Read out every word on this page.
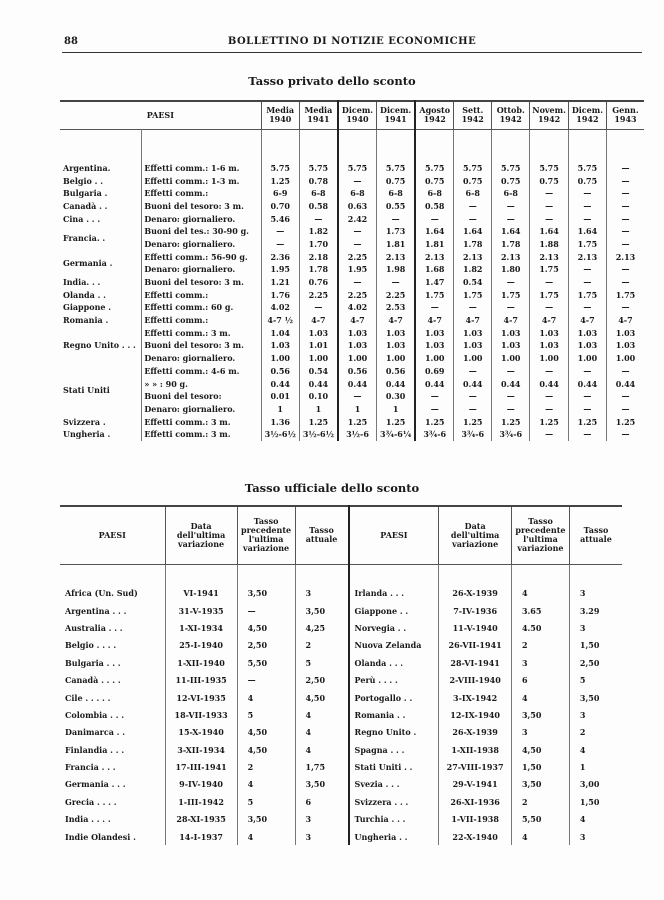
88	BOLLETTINO DI NOTIZIE ECONOMICHE
Tasso privato dello sconto
PAESI		Media 1940	Media 1941	Dicem. 1940	Dicem. 1941	Agosto 1942	Sett. 1942	Ottob. 1942	Novem. 1942	Dicem. 1942	Genn. 1943

Argentina.	Effetti comm.: 1-6 m.	5.75	5.75	5.75	5.75	5.75	5.75	5.75	5.75	5.75	—
Belgio . .	Effetti comm.: 1-3 m.	1.25	0.78	—	0.75	0.75	0.75	0.75	0.75	0.75	—
Bulgaria .	Effetti comm.:	6-9	6-8	6-8	6-8	6-8	6-8	6-8	—	—	—
Canadà . .	Buoni del tesoro: 3 m.	0.70	0.58	0.63	0.55	0.58	—	—	—	—	—
Cina . . .	Denaro: giornaliero.	5.46	—	2.42	—	—	—	—	—	—	—
Francia. .	Buoni del tes.: 30-90 g.	—	1.82	—	1.73	1.64	1.64	1.64	1.64	1.64	—
	Denaro: giornaliero.	—	1.70	—	1.81	1.81	1.78	1.78	1.88	1.75	—
Germania .	Effetti comm.: 56-90 g.	2.36	2.18	2.25	2.13	2.13	2.13	2.13	2.13	2.13	2.13
	Denaro: giornaliero.	1.95	1.78	1.95	1.98	1.68	1.82	1.80	1.75	—	—
India. . .	Buoni del tesoro: 3 m.	1.21	0.76	—	—	1.47	0.54	—	—	—	—
Olanda . .	Effetti comm.:	1.76	2.25	2.25	2.25	1.75	1.75	1.75	1.75	1.75	1.75
Giappone .	Effetti comm.: 60 g.	4.02	—	4.02	2.53	—	—	—	—	—	—
Romania .	Effetti comm.:	4-7 ½	4-7	4-7	4-7	4-7	4-7	4-7	4-7	4-7	4-7
Regno Unito . . .	Effetti comm.: 3 m.	1.04	1.03	1.03	1.03	1.03	1.03	1.03	1.03	1.03	1.03
	Buoni del tesoro: 3 m.	1.03	1.01	1.03	1.03	1.03	1.03	1.03	1.03	1.03	1.03
	Denaro: giornaliero.	1.00	1.00	1.00	1.00	1.00	1.00	1.00	1.00	1.00	1.00
Stati Uniti	Effetti comm.: 4-6 m.	0.56	0.54	0.56	0.56	0.69	—	—	—	—	—
	» » : 90 g.	0.44	0.44	0.44	0.44	0.44	0.44	0.44	0.44	0.44	0.44
	Buoni del tesoro:	0.01	0.10	—	0.30	—	—	—	—	—	—
	Denaro: giornaliero.	1	1	1	1	—	—	—	—	—	—
Svizzera .	Effetti comm.: 3 m.	1.36	1.25	1.25	1.25	1.25	1.25	1.25	1.25	1.25	1.25
Ungheria .	Effetti comm.: 3 m.	3½-6½	3½-6½	3½-6	3¾-6¼	3¾-6	3¾-6	3¾-6	—	—	—
Tasso ufficiale dello sconto
PAESI	Data dell'ultima variazione	Tasso precedente l'ultima variazione	Tasso attuale	PAESI	Data dell'ultima variazione	Tasso precedente l'ultima variazione	Tasso attuale

Africa (Un. Sud)	VI-1941	3,50	3	Irlanda . . .	26-X-1939	4	3
Argentina . . .	31-V-1935	—	3,50	Giappone . .	7-IV-1936	3.65	3.29
Australia . . .	1-XI-1934	4,50	4,25	Norvegia . .	11-V-1940	4.50	3
Belgio . . . .	25-I-1940	2,50	2	Nuova Zelanda	26-VII-1941	2	1,50
Bulgaria . . .	1-XII-1940	5,50	5	Olanda . . .	28-VI-1941	3	2,50
Canadà . . . .	11-III-1935	—	2,50	Perù . . . .	2-VIII-1940	6	5
Cile . . . . .	12-VI-1935	4	4,50	Portogallo . .	3-IX-1942	4	3,50
Colombia . . .	18-VII-1933	5	4	Romania . .	12-IX-1940	3,50	3
Danimarca . .	15-X-1940	4,50	4	Regno Unito .	26-X-1939	3	2
Finlandia . . .	3-XII-1934	4,50	4	Spagna . . .	1-XII-1938	4,50	4
Francia . . .	17-III-1941	2	1,75	Stati Uniti . .	27-VIII-1937	1,50	1
Germania . . .	9-IV-1940	4	3,50	Svezia . . .	29-V-1941	3,50	3,00
Grecia . . . .	1-III-1942	5	6	Svizzera . . .	26-XI-1936	2	1,50
India . . . .	28-XI-1935	3,50	3	Turchia . . .	1-VII-1938	5,50	4
Indie Olandesi .	14-I-1937	4	3	Ungheria . .	22-X-1940	4	3
